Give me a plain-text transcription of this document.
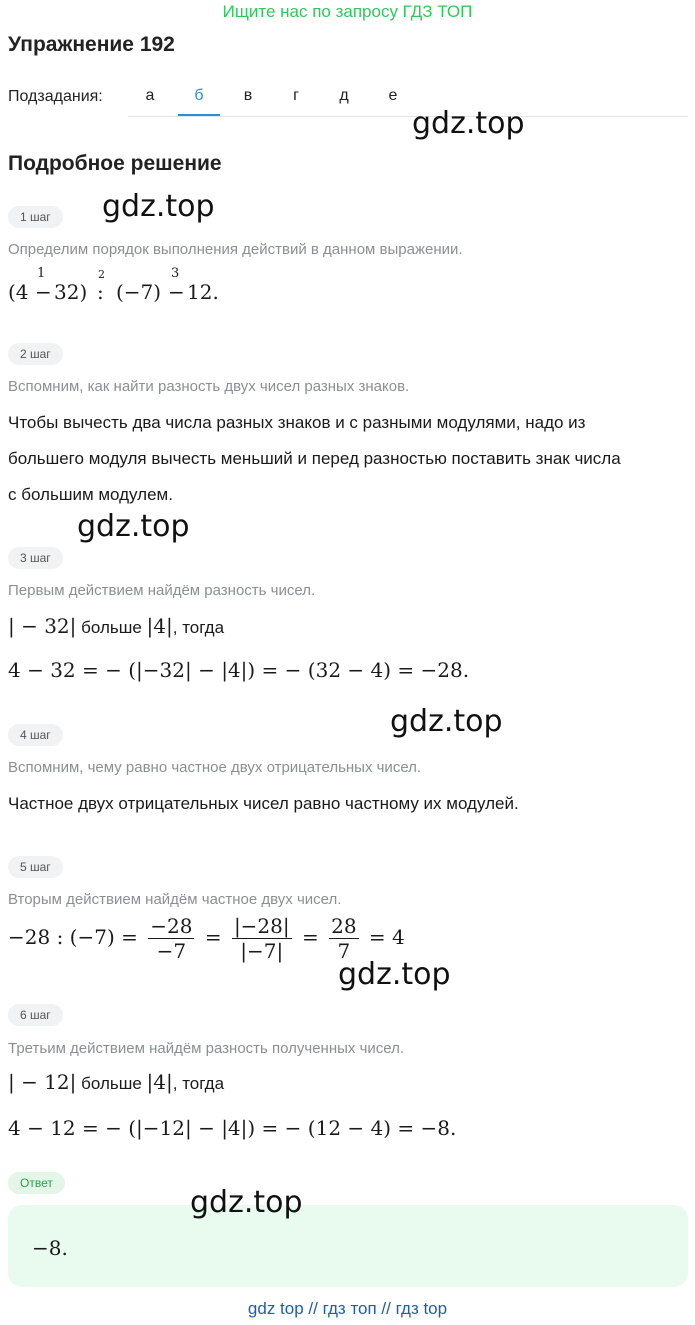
Ищите нас по запросу ГДЗ ТОП
Упражнение 192
Подзадания:	а	б	в	г	д	е
gdz.top
Подробное решение
gdz.top
1 шаг
Определим порядок выполнения действий в данном выражении.
(4
1
− 32)
2
: (−7)
3
− 12.
2 шаг
Вспомним, как найти разность двух чисел разных знаков.
Чтобы вычесть два числа разных знаков и с разными модулями, надо из
большего модуля вычесть меньший и перед разностью поставить знак числа
с большим модулем.
gdz.top
3 шаг
Первым действием найдём разность чисел.
| − 32| больше |4|, тогда
4 − 32 = − (|−32| − |4|) = − (32 − 4) = −28.
gdz.top
4 шаг
Вспомним, чему равно частное двух отрицательных чисел.
Частное двух отрицательных чисел равно частному их модулей.
5 шаг
Вторым действием найдём частное двух чисел.
−28 : $(-7) = \frac{-28}{-7} = \frac{|-28|}{|-7|} = \frac{28}{7} = 4$
gdz.top
6 шаг
Третьим действием найдём разность полученных чисел.
| − 12| больше |4|, тогда
4 − 12 = − (|−12| − |4|) = − (12 − 4) = −8.
Ответ
−8.
gdz.top
gdz top // гдз топ // гдз top
